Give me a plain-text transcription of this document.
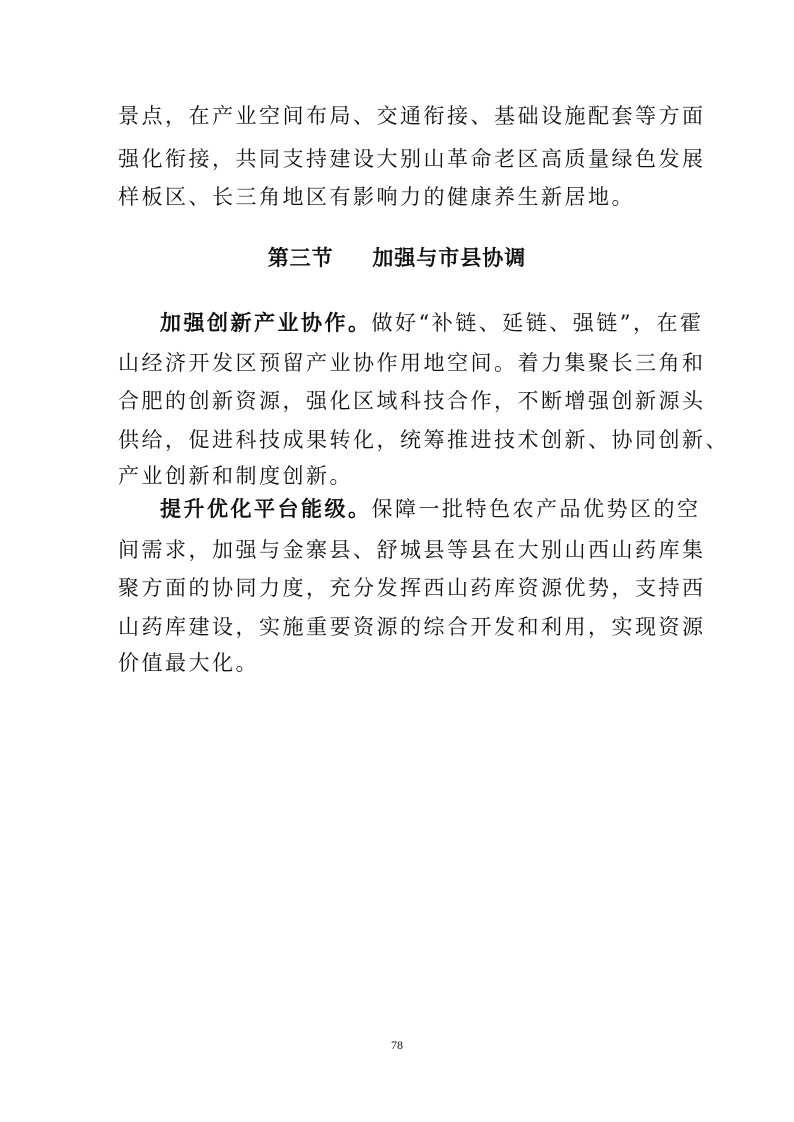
景点，在产业空间布局、交通衔接、基础设施配套等方面
强化衔接，共同支持建设大别山革命老区高质量绿色发展
样板区、长三角地区有影响力的健康养生新居地。
第三节 加强与市县协调
加强创新产业协作。做好“补链、延链、强链”，在霍
山经济开发区预留产业协作用地空间。着力集聚长三角和
合肥的创新资源，强化区域科技合作，不断增强创新源头
供给，促进科技成果转化，统筹推进技术创新、协同创新、
产业创新和制度创新。
提升优化平台能级。保障一批特色农产品优势区的空
间需求，加强与金寨县、舒城县等县在大别山西山药库集
聚方面的协同力度，充分发挥西山药库资源优势，支持西
山药库建设，实施重要资源的综合开发和利用，实现资源
价值最大化。
78
